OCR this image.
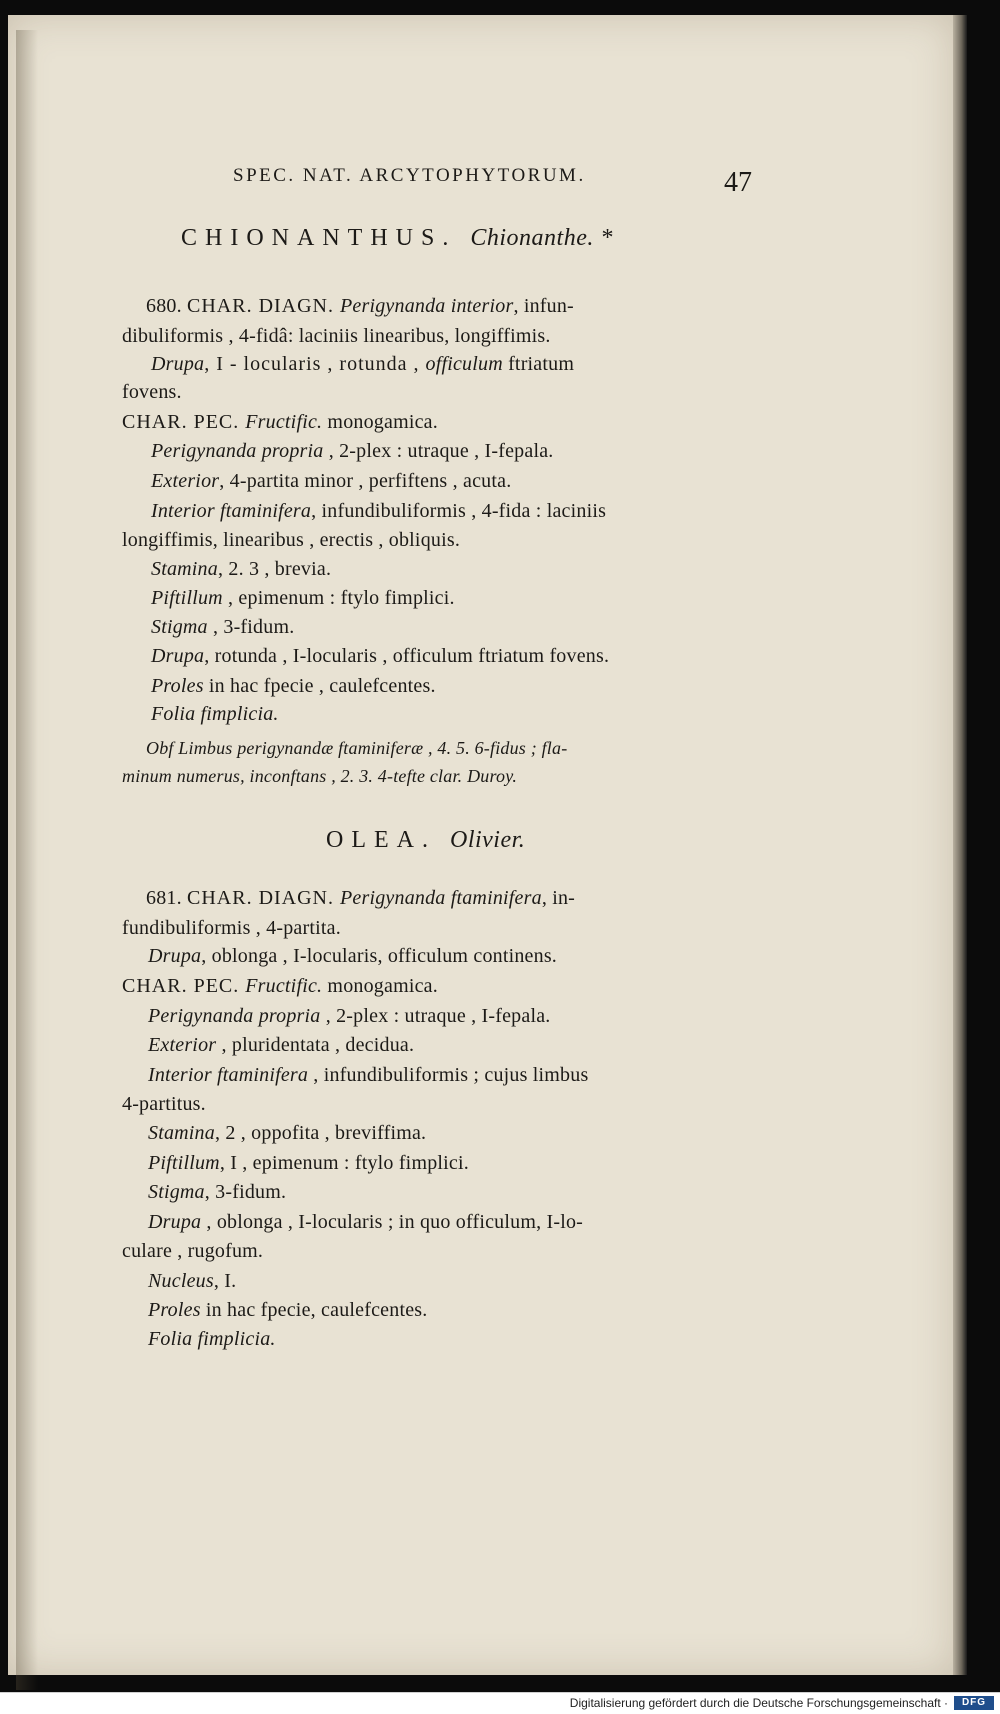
SPEC. NAT. ARCYTOPHYTORUM.	47
CHIONANTHUS. Chionanthe. *
680. CHAR. DIAGN. Perigynanda interior, infun-
dibuliformis , 4-fidâ: laciniis linearibus, longiffimis.
Drupa, I - locularis , rotunda , officulum ftriatum
fovens.
CHAR. PEC. Fructific. monogamica.
Perigynanda propria , 2-plex : utraque , I-fepala.
Exterior, 4-partita minor , perfiftens , acuta.
Interior ftaminifera, infundibuliformis , 4-fida : laciniis
longiffimis, linearibus , erectis , obliquis.
Stamina, 2. 3 , brevia.
Piftillum , epimenum : ftylo fimplici.
Stigma , 3-fidum.
Drupa, rotunda , I-locularis , officulum ftriatum fovens.
Proles in hac fpecie , caulefcentes.
Folia fimplicia.
Obf Limbus perigynandæ ftaminiferæ , 4. 5. 6-fidus ; fla-
minum numerus, inconftans , 2. 3. 4-tefte clar. Duroy.
OLEA. Olivier.
681. CHAR. DIAGN. Perigynanda ftaminifera, in-
fundibuliformis , 4-partita.
Drupa, oblonga , I-locularis, officulum continens.
CHAR. PEC. Fructific. monogamica.
Perigynanda propria , 2-plex : utraque , I-fepala.
Exterior , pluridentata , decidua.
Interior ftaminifera , infundibuliformis ; cujus limbus
4-partitus.
Stamina, 2 , oppofita , breviffima.
Piftillum, I , epimenum : ftylo fimplici.
Stigma, 3-fidum.
Drupa , oblonga , I-locularis ; in quo officulum, I-lo-
culare , rugofum.
Nucleus, I.
Proles in hac fpecie, caulefcentes.
Folia fimplicia.
Digitalisierung gefördert durch die Deutsche Forschungsgemeinschaft ·	DFG
